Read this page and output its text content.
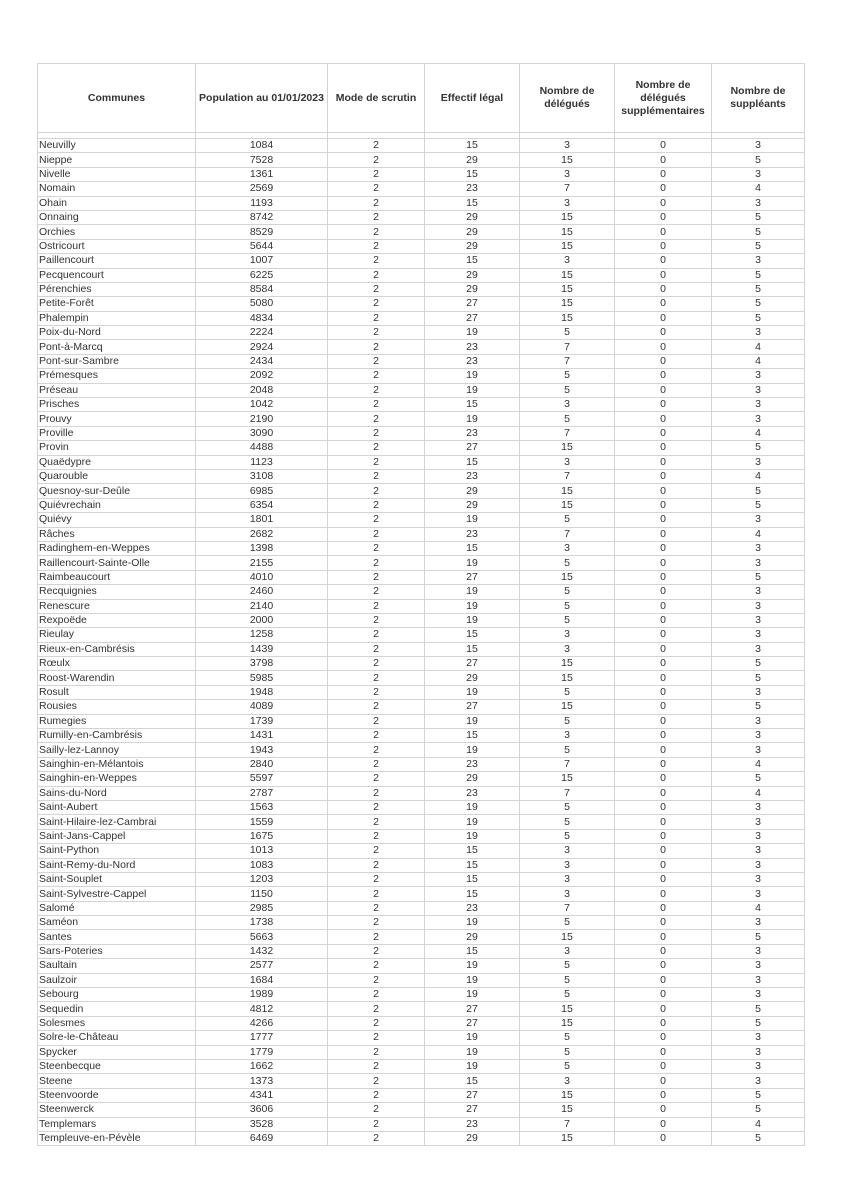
Communes	Population au 01/01/2023	Mode de scrutin	Effectif légal	Nombre de délégués	Nombre de délégués supplémentaires	Nombre de suppléants

Neuvilly	1084	2	15	3	0	3
Nieppe	7528	2	29	15	0	5
Nivelle	1361	2	15	3	0	3
Nomain	2569	2	23	7	0	4
Ohain	1193	2	15	3	0	3
Onnaing	8742	2	29	15	0	5
Orchies	8529	2	29	15	0	5
Ostricourt	5644	2	29	15	0	5
Paillencourt	1007	2	15	3	0	3
Pecquencourt	6225	2	29	15	0	5
Pérenchies	8584	2	29	15	0	5
Petite-Forêt	5080	2	27	15	0	5
Phalempin	4834	2	27	15	0	5
Poix-du-Nord	2224	2	19	5	0	3
Pont-à-Marcq	2924	2	23	7	0	4
Pont-sur-Sambre	2434	2	23	7	0	4
Prémesques	2092	2	19	5	0	3
Préseau	2048	2	19	5	0	3
Prisches	1042	2	15	3	0	3
Prouvy	2190	2	19	5	0	3
Proville	3090	2	23	7	0	4
Provin	4488	2	27	15	0	5
Quaëdypre	1123	2	15	3	0	3
Quarouble	3108	2	23	7	0	4
Quesnoy-sur-Deûle	6985	2	29	15	0	5
Quiévrechain	6354	2	29	15	0	5
Quiévy	1801	2	19	5	0	3
Râches	2682	2	23	7	0	4
Radinghem-en-Weppes	1398	2	15	3	0	3
Raillencourt-Sainte-Olle	2155	2	19	5	0	3
Raimbeaucourt	4010	2	27	15	0	5
Recquignies	2460	2	19	5	0	3
Renescure	2140	2	19	5	0	3
Rexpoëde	2000	2	19	5	0	3
Rieulay	1258	2	15	3	0	3
Rieux-en-Cambrésis	1439	2	15	3	0	3
Rœulx	3798	2	27	15	0	5
Roost-Warendin	5985	2	29	15	0	5
Rosult	1948	2	19	5	0	3
Rousies	4089	2	27	15	0	5
Rumegies	1739	2	19	5	0	3
Rumilly-en-Cambrésis	1431	2	15	3	0	3
Sailly-lez-Lannoy	1943	2	19	5	0	3
Sainghin-en-Mélantois	2840	2	23	7	0	4
Sainghin-en-Weppes	5597	2	29	15	0	5
Sains-du-Nord	2787	2	23	7	0	4
Saint-Aubert	1563	2	19	5	0	3
Saint-Hilaire-lez-Cambrai	1559	2	19	5	0	3
Saint-Jans-Cappel	1675	2	19	5	0	3
Saint-Python	1013	2	15	3	0	3
Saint-Remy-du-Nord	1083	2	15	3	0	3
Saint-Souplet	1203	2	15	3	0	3
Saint-Sylvestre-Cappel	1150	2	15	3	0	3
Salomé	2985	2	23	7	0	4
Saméon	1738	2	19	5	0	3
Santes	5663	2	29	15	0	5
Sars-Poteries	1432	2	15	3	0	3
Saultain	2577	2	19	5	0	3
Saulzoir	1684	2	19	5	0	3
Sebourg	1989	2	19	5	0	3
Sequedin	4812	2	27	15	0	5
Solesmes	4266	2	27	15	0	5
Solre-le-Château	1777	2	19	5	0	3
Spycker	1779	2	19	5	0	3
Steenbecque	1662	2	19	5	0	3
Steene	1373	2	15	3	0	3
Steenvoorde	4341	2	27	15	0	5
Steenwerck	3606	2	27	15	0	5
Templemars	3528	2	23	7	0	4
Templeuve-en-Pévèle	6469	2	29	15	0	5
